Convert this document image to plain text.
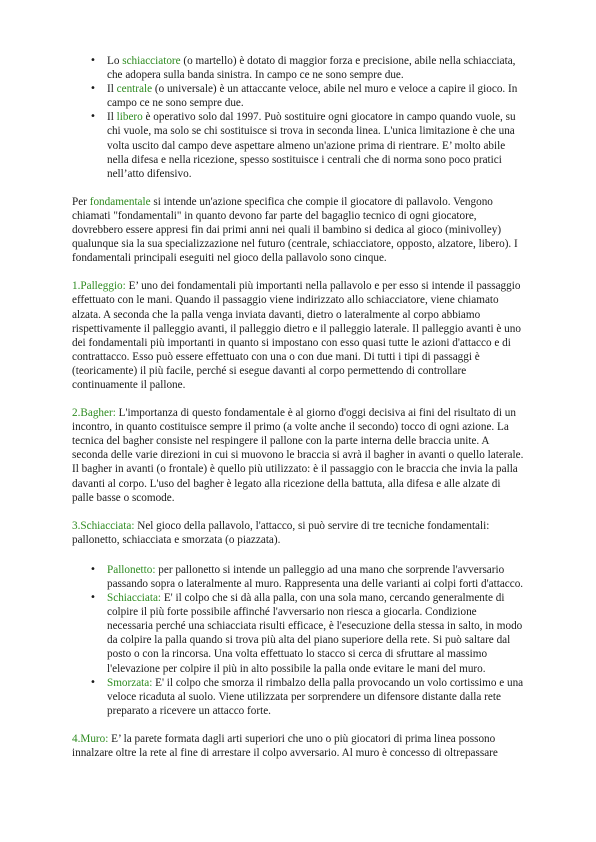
• Lo schiacciatore (o martello) è dotato di maggior forza e precisione, abile nella schiacciata, che adopera sulla banda sinistra. In campo ce ne sono sempre due.
• Il centrale (o universale) è un attaccante veloce, abile nel muro e veloce a capire il gioco. In campo ce ne sono sempre due.
• Il libero è operativo solo dal 1997. Può sostituire ogni giocatore in campo quando vuole, su chi vuole, ma solo se chi sostituisce si trova in seconda linea. L'unica limitazione è che una volta uscito dal campo deve aspettare almeno un'azione prima di rientrare. E’ molto abile nella difesa e nella ricezione, spesso sostituisce i centrali che di norma sono poco pratici nell’atto difensivo.

Per fondamentale si intende un'azione specifica che compie il giocatore di pallavolo. Vengono chiamati "fondamentali" in quanto devono far parte del bagaglio tecnico di ogni giocatore, dovrebbero essere appresi fin dai primi anni nei quali il bambino si dedica al gioco (minivolley) qualunque sia la sua specializzazione nel futuro (centrale, schiacciatore, opposto, alzatore, libero). I fondamentali principali eseguiti nel gioco della pallavolo sono cinque.

1.Palleggio: E’ uno dei fondamentali più importanti nella pallavolo e per esso si intende il passaggio effettuato con le mani. Quando il passaggio viene indirizzato allo schiacciatore, viene chiamato alzata. A seconda che la palla venga inviata davanti, dietro o lateralmente al corpo abbiamo rispettivamente il palleggio avanti, il palleggio dietro e il palleggio laterale. Il palleggio avanti è uno dei fondamentali più importanti in quanto si impostano con esso quasi tutte le azioni d'attacco e di contrattacco. Esso può essere effettuato con una o con due mani. Di tutti i tipi di passaggi è (teoricamente) il più facile, perché si esegue davanti al corpo permettendo di controllare continuamente il pallone.

2.Bagher: L'importanza di questo fondamentale è al giorno d'oggi decisiva ai fini del risultato di un incontro, in quanto costituisce sempre il primo (a volte anche il secondo) tocco di ogni azione. La tecnica del bagher consiste nel respingere il pallone con la parte interna delle braccia unite. A seconda delle varie direzioni in cui si muovono le braccia si avrà il bagher in avanti o quello laterale. Il bagher in avanti (o frontale) è quello più utilizzato: è il passaggio con le braccia che invia la palla davanti al corpo. L'uso del bagher è legato alla ricezione della battuta, alla difesa e alle alzate di palle basse o scomode.

3.Schiacciata: Nel gioco della pallavolo, l'attacco, si può servire di tre tecniche fondamentali: pallonetto, schiacciata e smorzata (o piazzata).

• Pallonetto: per pallonetto si intende un palleggio ad una mano che sorprende l'avversario passando sopra o lateralmente al muro. Rappresenta una delle varianti ai colpi forti d'attacco.
• Schiacciata: E' il colpo che si dà alla palla, con una sola mano, cercando generalmente di colpire il più forte possibile affinché l'avversario non riesca a giocarla. Condizione necessaria perché una schiacciata risulti efficace, è l'esecuzione della stessa in salto, in modo da colpire la palla quando si trova più alta del piano superiore della rete. Si può saltare dal posto o con la rincorsa. Una volta effettuato lo stacco si cerca di sfruttare al massimo l'elevazione per colpire il più in alto possibile la palla onde evitare le mani del muro.
• Smorzata: E' il colpo che smorza il rimbalzo della palla provocando un volo cortissimo e una veloce ricaduta al suolo. Viene utilizzata per sorprendere un difensore distante dalla rete preparato a ricevere un attacco forte.

4.Muro: E’ la parete formata dagli arti superiori che uno o più giocatori di prima linea possono innalzare oltre la rete al fine di arrestare il colpo avversario. Al muro è concesso di oltrepassare
